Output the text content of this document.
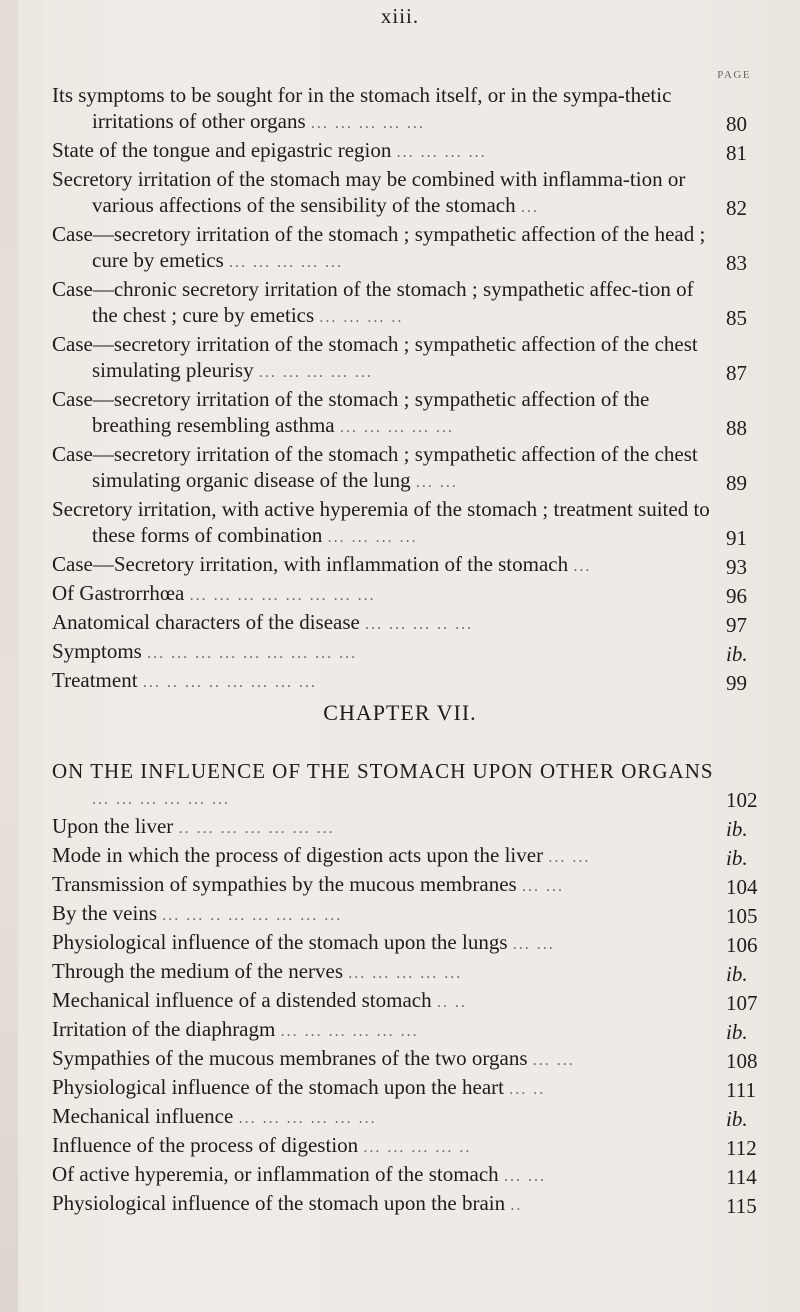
xiii.
PAGE
Its symptoms to be sought for in the stomach itself, or in the sympa-thetic irritations of other organs ... ... ... ... ...	80
State of the tongue and epigastric region ... ... ... ...	81
Secretory irritation of the stomach may be combined with inflamma-tion or various affections of the sensibility of the stomach ...	82
Case—secretory irritation of the stomach ; sympathetic affection of the head ; cure by emetics ... ... ... ... ...	83
Case—chronic secretory irritation of the stomach ; sympathetic affec-tion of the chest ; cure by emetics ... ... ... ..	85
Case—secretory irritation of the stomach ; sympathetic affection of the chest simulating pleurisy ... ... ... ... ...	87
Case—secretory irritation of the stomach ; sympathetic affection of the breathing resembling asthma ... ... ... ... ...	88
Case—secretory irritation of the stomach ; sympathetic affection of the chest simulating organic disease of the lung ... ...	89
Secretory irritation, with active hyperemia of the stomach ; treatment suited to these forms of combination ... ... ... ...	91
Case—Secretory irritation, with inflammation of the stomach ...	93
Of Gastrorrhœa ... ... ... ... ... ... ... ...	96
Anatomical characters of the disease ... ... ... .. ...	97
Symptoms ... ... ... ... ... ... ... ... ...	ib.
Treatment ... .. ... .. ... ... ... ...	99
CHAPTER VII.
ON THE INFLUENCE OF THE STOMACH UPON OTHER ORGANS ... ... ... ... ... ...	102
Upon the liver .. ... ... ... ... ... ...	ib.
Mode in which the process of digestion acts upon the liver ... ...	ib.
Transmission of sympathies by the mucous membranes ... ...	104
By the veins ... ... .. ... ... ... ... ...	105
Physiological influence of the stomach upon the lungs ... ...	106
Through the medium of the nerves ... ... ... ... ...	ib.
Mechanical influence of a distended stomach .. ..	107
Irritation of the diaphragm ... ... ... ... ... ...	ib.
Sympathies of the mucous membranes of the two organs ... ...	108
Physiological influence of the stomach upon the heart ... ..	111
Mechanical influence ... ... ... ... ... ...	ib.
Influence of the process of digestion ... ... ... ... ..	112
Of active hyperemia, or inflammation of the stomach ... ...	114
Physiological influence of the stomach upon the brain ..	115
